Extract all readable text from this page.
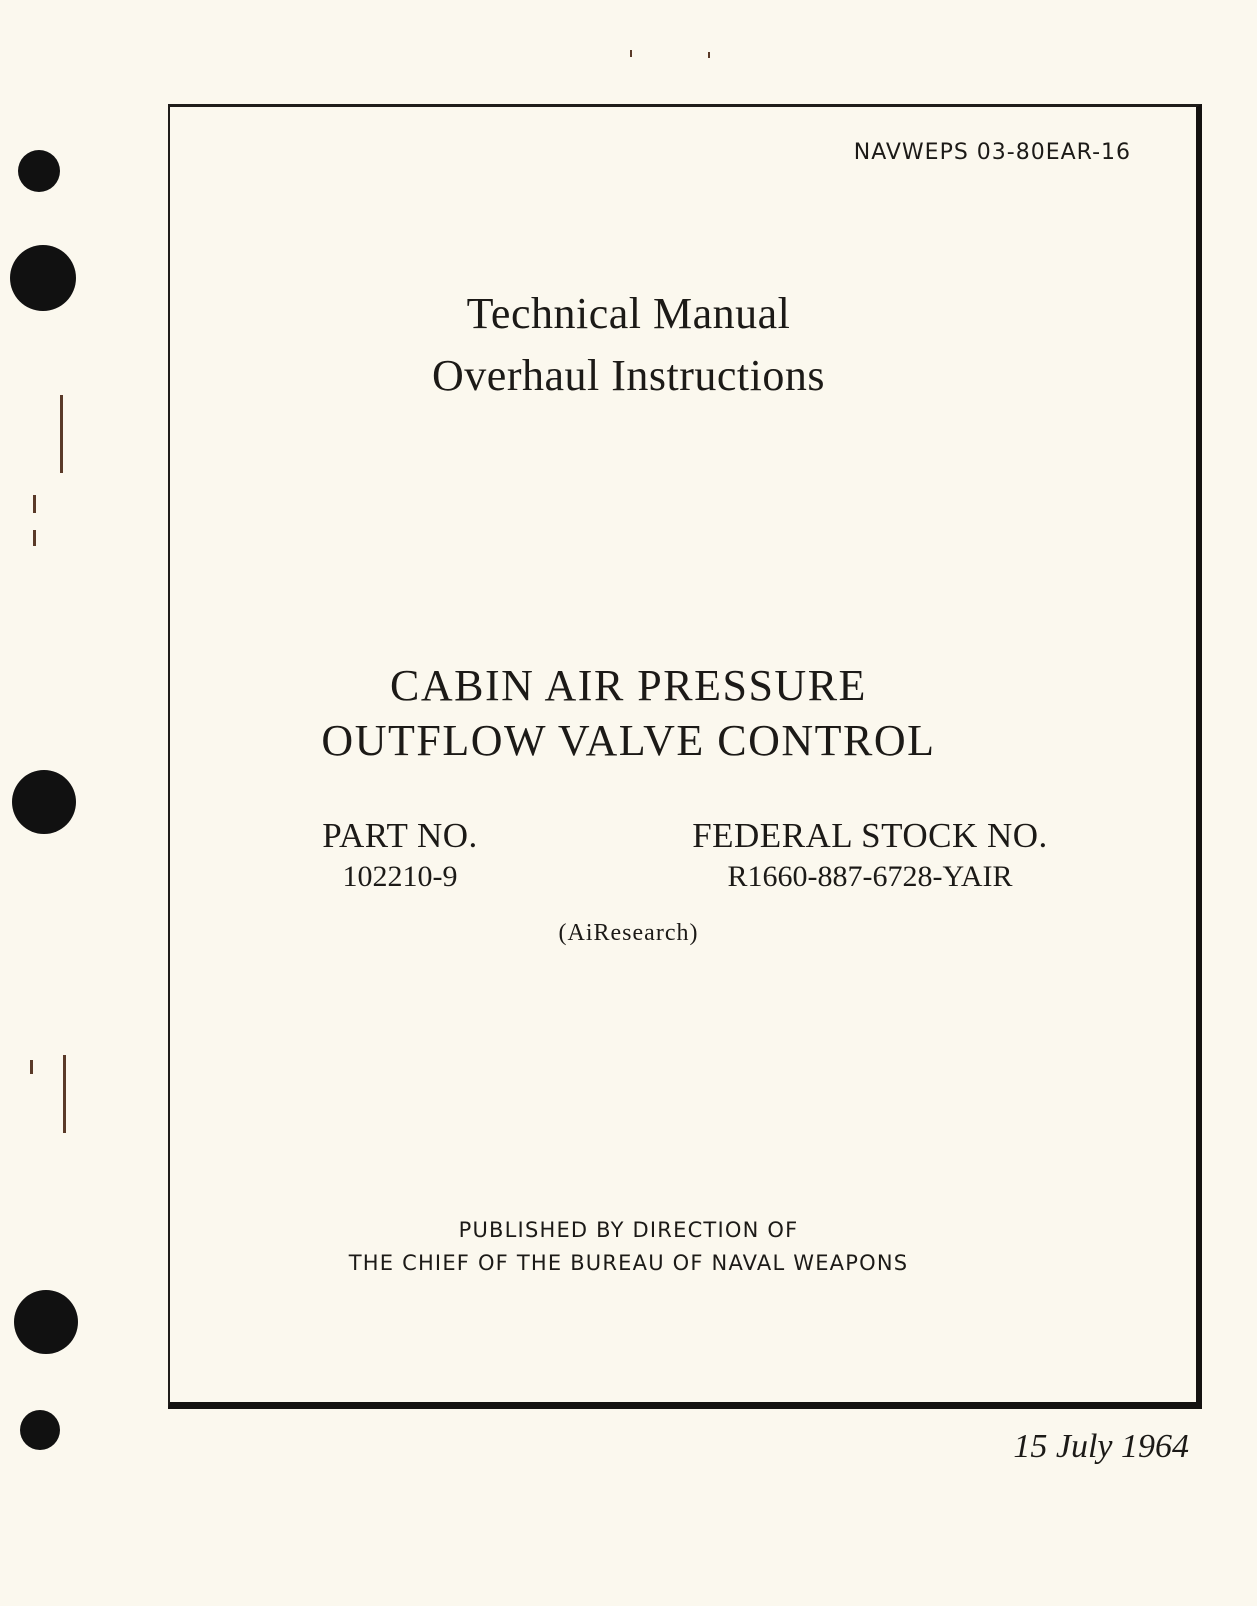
NAVWEPS 03-80EAR-16
Technical Manual
Overhaul Instructions
CABIN AIR PRESSURE
OUTFLOW VALVE CONTROL
PART NO.
102210-9
FEDERAL STOCK NO.
R1660-887-6728-YAIR
(AiResearch)
PUBLISHED BY DIRECTION OF
THE CHIEF OF THE BUREAU OF NAVAL WEAPONS
15 July 1964
